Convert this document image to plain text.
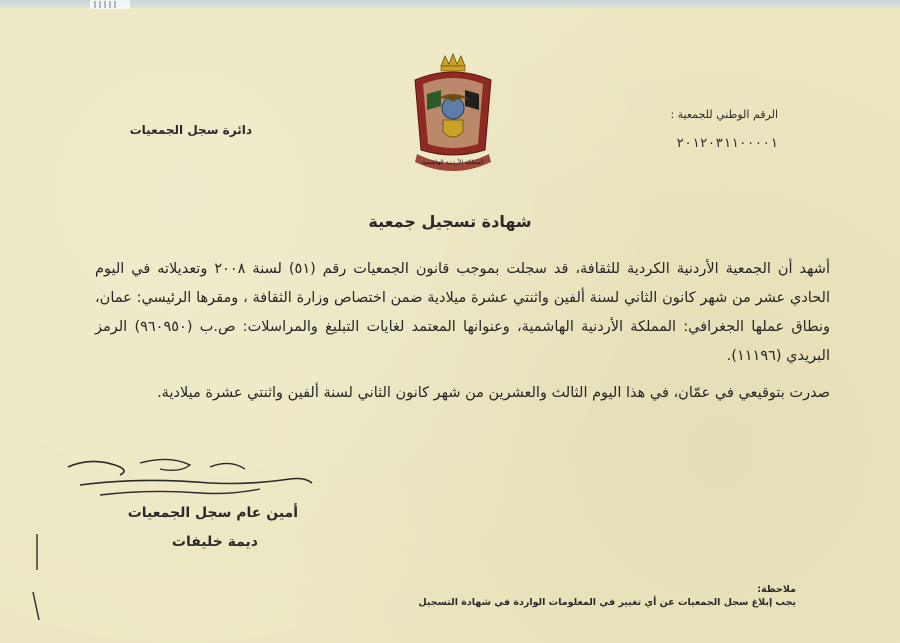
دائرة سجل الجمعيات
الرقم الوطني للجمعية :
٢٠١٢٠٣١١٠٠٠٠١
المملكة الأردنية الهاشمية
شهادة تسجيل جمعية

أشهد أن الجمعية الأردنية الكردية للثقافة، قد سجلت بموجب قانون الجمعيات رقم (٥١) لسنة ٢٠٠٨ وتعديلاته في اليوم الحادي عشر من شهر كانون الثاني لسنة ألفين واثنتي عشرة ميلادية ضمن اختصاص وزارة الثقافة ، ومقرها الرئيسي: عمان، ونطاق عملها الجغرافي: المملكة الأردنية الهاشمية، وعنوانها المعتمد لغايات التبليغ والمراسلات: ص.ب (٩٦٠٩٥٠) الرمز البريدي (١١١٩٦).

صدرت بتوقيعي في عمّان، في هذا اليوم الثالث والعشرين من شهر كانون الثاني لسنة ألفين واثنتي عشرة ميلادية.

أمين عام سجل الجمعيات
ديمة خليفات
ملاحظة:
يجب إبلاغ سجل الجمعيات عن أي تغيير في المعلومات الواردة في شهادة التسجيل
